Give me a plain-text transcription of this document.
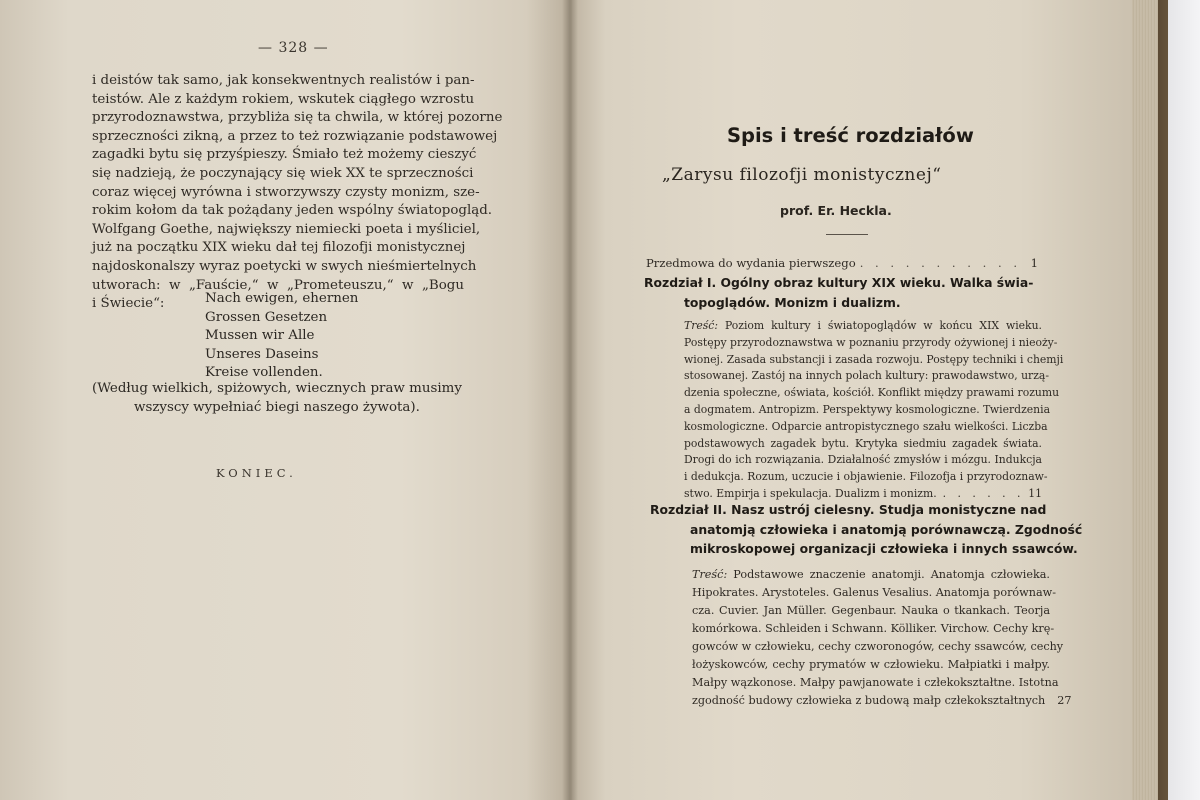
— 328 —
i deistów tak samo, jak konsekwentnych realistów i pan-
teistów. Ale z każdym rokiem, wskutek ciągłego wzrostu
przyrodoznawstwa, przybliża się ta chwila, w której pozorne
sprzeczności zikną, a przez to też rozwiązanie podstawowej
zagadki bytu się przyśpieszy. Śmiało też możemy cieszyć
się nadzieją, że poczynający się wiek XX te sprzeczności
coraz więcej wyrówna i stworzywszy czysty monizm, sze-
rokim kołom da tak pożądany jeden wspólny światopogląd.
Wolfgang Goethe, największy niemiecki poeta i myśliciel,
już na początku XIX wieku dał tej filozofji monistycznej
najdoskonalszy wyraz poetycki w swych nieśmiertelnych
utworach: w „Fauście,“ w „Prometeuszu,“ w „Bogu
i Świecie“:	Nach ewigen, ehernen
Grossen Gesetzen
Mussen wir Alle
Unseres Daseins
Kreise vollenden.
(Według wielkich, spiżowych, wiecznych praw musimy
wszyscy wypełniać biegi naszego żywota).
KONIEC.
Spis i treść rozdziałów
„Zarysu filozofji monistycznej“
prof. Er. Heckla.
Przedmowa do wydania pierwszego . . .	1
Rozdział I. Ogólny obraz kultury XIX wieku. Walka świa-
topoglądów. Monizm i dualizm.
Treść: Poziom kultury i światopoglądów w końcu XIX wieku.
Postępy przyrodoznawstwa w poznaniu przyrody ożywionej i nieoży-
wionej. Zasada substancji i zasada rozwoju. Postępy techniki i chemji
stosowanej. Zastój na innych polach kultury: prawodawstwo, urzą-
dzenia społeczne, oświata, kościół. Konflikt między prawami rozumu
a dogmatem. Antropizm. Perspektywy kosmologiczne. Twierdzenia
kosmologiczne. Odparcie antropistycznego szału wielkości. Liczba
podstawowych zagadek bytu. Krytyka siedmiu zagadek świata.
Drogi do ich rozwiązania. Działalność zmysłów i mózgu. Indukcja
i dedukcja. Rozum, uczucie i objawienie. Filozofja i przyrodoznaw-
stwo. Empirja i spekulacja. Dualizm i monizm. . . .	11
Rozdział II. Nasz ustrój cielesny. Studja monistyczne nad
anatomją człowieka i anatomją porównawczą. Zgodność
mikroskopowej organizacji człowieka i innych ssawców.
Treść: Podstawowe znaczenie anatomji. Anatomja człowieka.
Hipokrates. Arystoteles. Galenus Vesalius. Anatomja porównaw-
cza. Cuvier. Jan Müller. Gegenbaur. Nauka o tkankach. Teorja
komórkowa. Schleiden i Schwann. Kölliker. Virchow. Cechy krę-
gowców w człowieku, cechy czworonogów, cechy ssawców, cechy
łożyskowców, cechy prymatów w człowieku. Małpiatki i małpy.
Małpy wązkonose. Małpy pawjanowate i człekokształtne. Istotna
zgodność budowy człowieka z budową małp człekokształtnych 27
